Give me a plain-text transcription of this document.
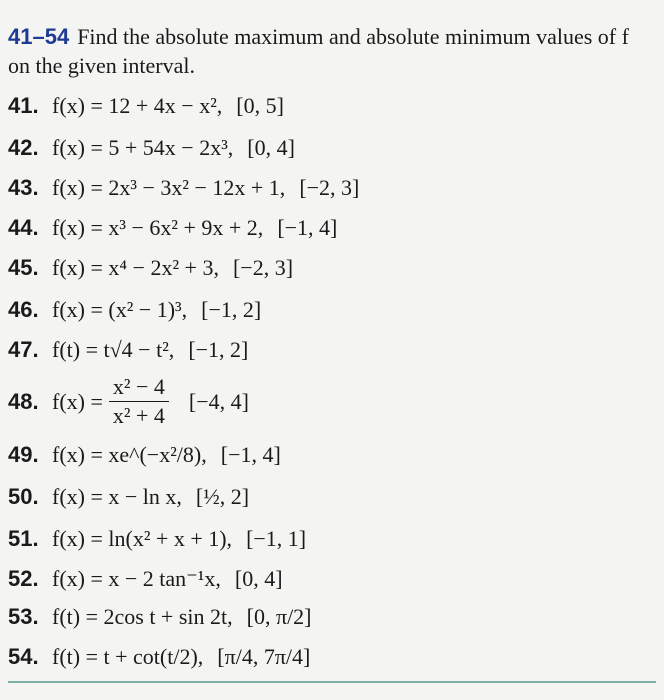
41–54 Find the absolute maximum and absolute minimum values of f on the given interval.
41. f(x) = 12 + 4x − x², [0, 5]
42. f(x) = 5 + 54x − 2x³, [0, 4]
43. f(x) = 2x³ − 3x² − 12x + 1, [−2, 3]
44. f(x) = x³ − 6x² + 9x + 2, [−1, 4]
45. f(x) = x⁴ − 2x² + 3, [−2, 3]
46. f(x) = (x² − 1)³, [−1, 2]
47. f(t) = t√4 − t², [−1, 2]
48. $f(x) = \frac{\text{x² − 4}}{\text{x² + 4}} [-4$, 4]
49. f(x) = xe^(−x²/8), [−1, 4]
50. f(x) = x − ln x, [½, 2]
51. f(x) = ln(x² + x + 1), [−1, 1]
52. f(x) = x − 2 tan⁻¹x, [0, 4]
53. f(t) = 2cos t + sin 2t, [0, π/2]
54. f(t) = t + cot(t/2), [π/4, 7π/4]
